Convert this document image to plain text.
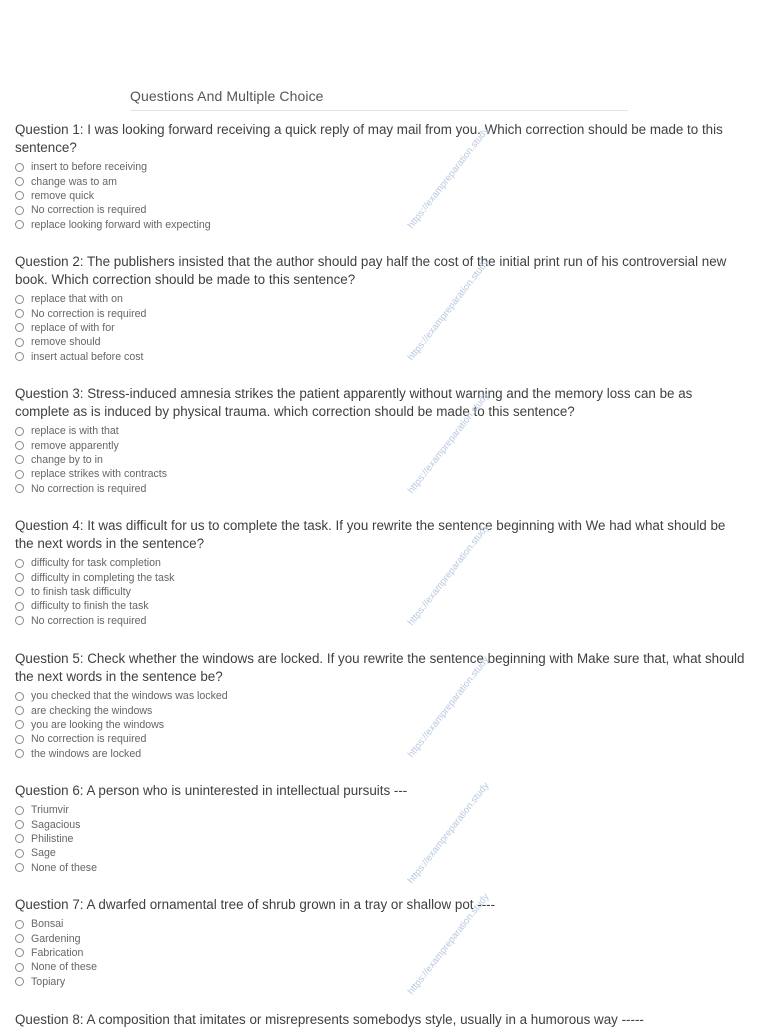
Questions And Multiple Choice

Question 1: I was looking forward receiving a quick reply of may mail from you. Which correction should be made to this sentence?

insert to before receiving
change was to am
remove quick
No correction is required
replace looking forward with expecting

Question 2: The publishers insisted that the author should pay half the cost of the initial print run of his controversial new book. Which correction should be made to this sentence?

replace that with on
No correction is required
replace of with for
remove should
insert actual before cost

Question 3: Stress-induced amnesia strikes the patient apparently without warning and the memory loss can be as complete as is induced by physical trauma. which correction should be made to this sentence?

replace is with that
remove apparently
change by to in
replace strikes with contracts
No correction is required

Question 4: It was difficult for us to complete the task. If you rewrite the sentence beginning with We had what should be the next words in the sentence?

difficulty for task completion
difficulty in completing the task
to finish task difficulty
difficulty to finish the task
No correction is required

Question 5: Check whether the windows are locked. If you rewrite the sentence beginning with Make sure that, what should the next words in the sentence be?

you checked that the windows was locked
are checking the windows
you are looking the windows
No correction is required
the windows are locked

Question 6: A person who is uninterested in intellectual pursuits ---

Triumvir
Sagacious
Philistine
Sage
None of these

Question 7: A dwarfed ornamental tree of shrub grown in a tray or shallow pot ----

Bonsai
Gardening
Fabrication
None of these
Topiary

Question 8: A composition that imitates or misrepresents somebodys style, usually in a humorous way -----

https://exampreparation.study
https://exampreparation.study
https://exampreparation.study
https://exampreparation.study
https://exampreparation.study
https://exampreparation.study
https://exampreparation.study
